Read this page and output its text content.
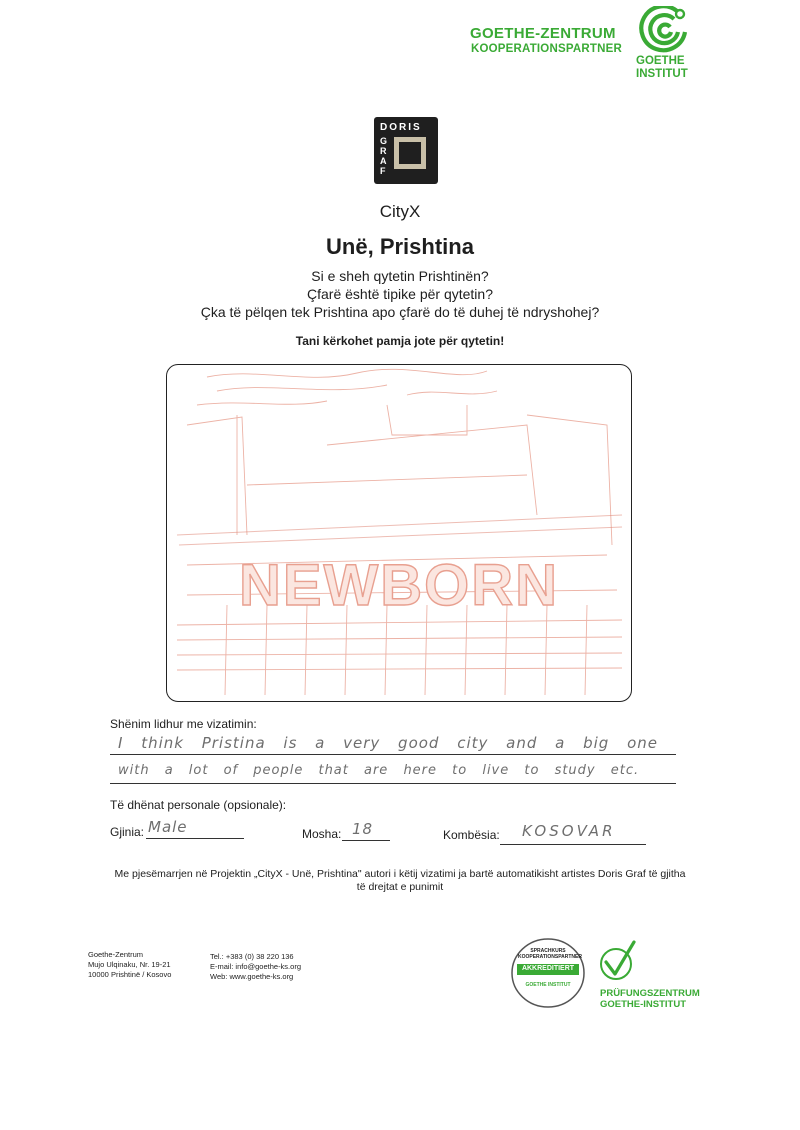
GOETHE-ZENTRUM
KOOPERATIONSPARTNER
GOETHE
INSTITUT
DORIS
G
R
A
F
CityX
Unë, Prishtina
Si e sheh qytetin Prishtinën?
Çfarë është tipike për qytetin?
Çka të pëlqen tek Prishtina apo çfarë do të duhej të ndryshohej?
Tani kërkohet pamja jote për qytetin!
NEWBORN
Shënim lidhur me vizatimin:
I think Pristina is a very good city and a big one
with a lot of people that are here to live to study etc.
Të dhënat personale (opsionale):
Gjinia: Male	Mosha: 18	Kombësia: KOSOVAR
Me pjesëmarrjen në Projektin „CityX - Unë, Prishtina" autori i këtij vizatimi ja bartë automatikisht artistes Doris Graf të gjitha të drejtat e punimit
Goethe-Zentrum
Mujo Ulqinaku, Nr. 19-21
10000 Prishtinë / Kosovo
Tel.: +383 (0) 38 220 136
E-mail: info@goethe-ks.org
Web: www.goethe-ks.org
SPRACHKURS KOOPERATIONSPARTNER
AKKREDITIERT
GOETHE INSTITUT
PRÜFUNGSZENTRUM
GOETHE-INSTITUT
